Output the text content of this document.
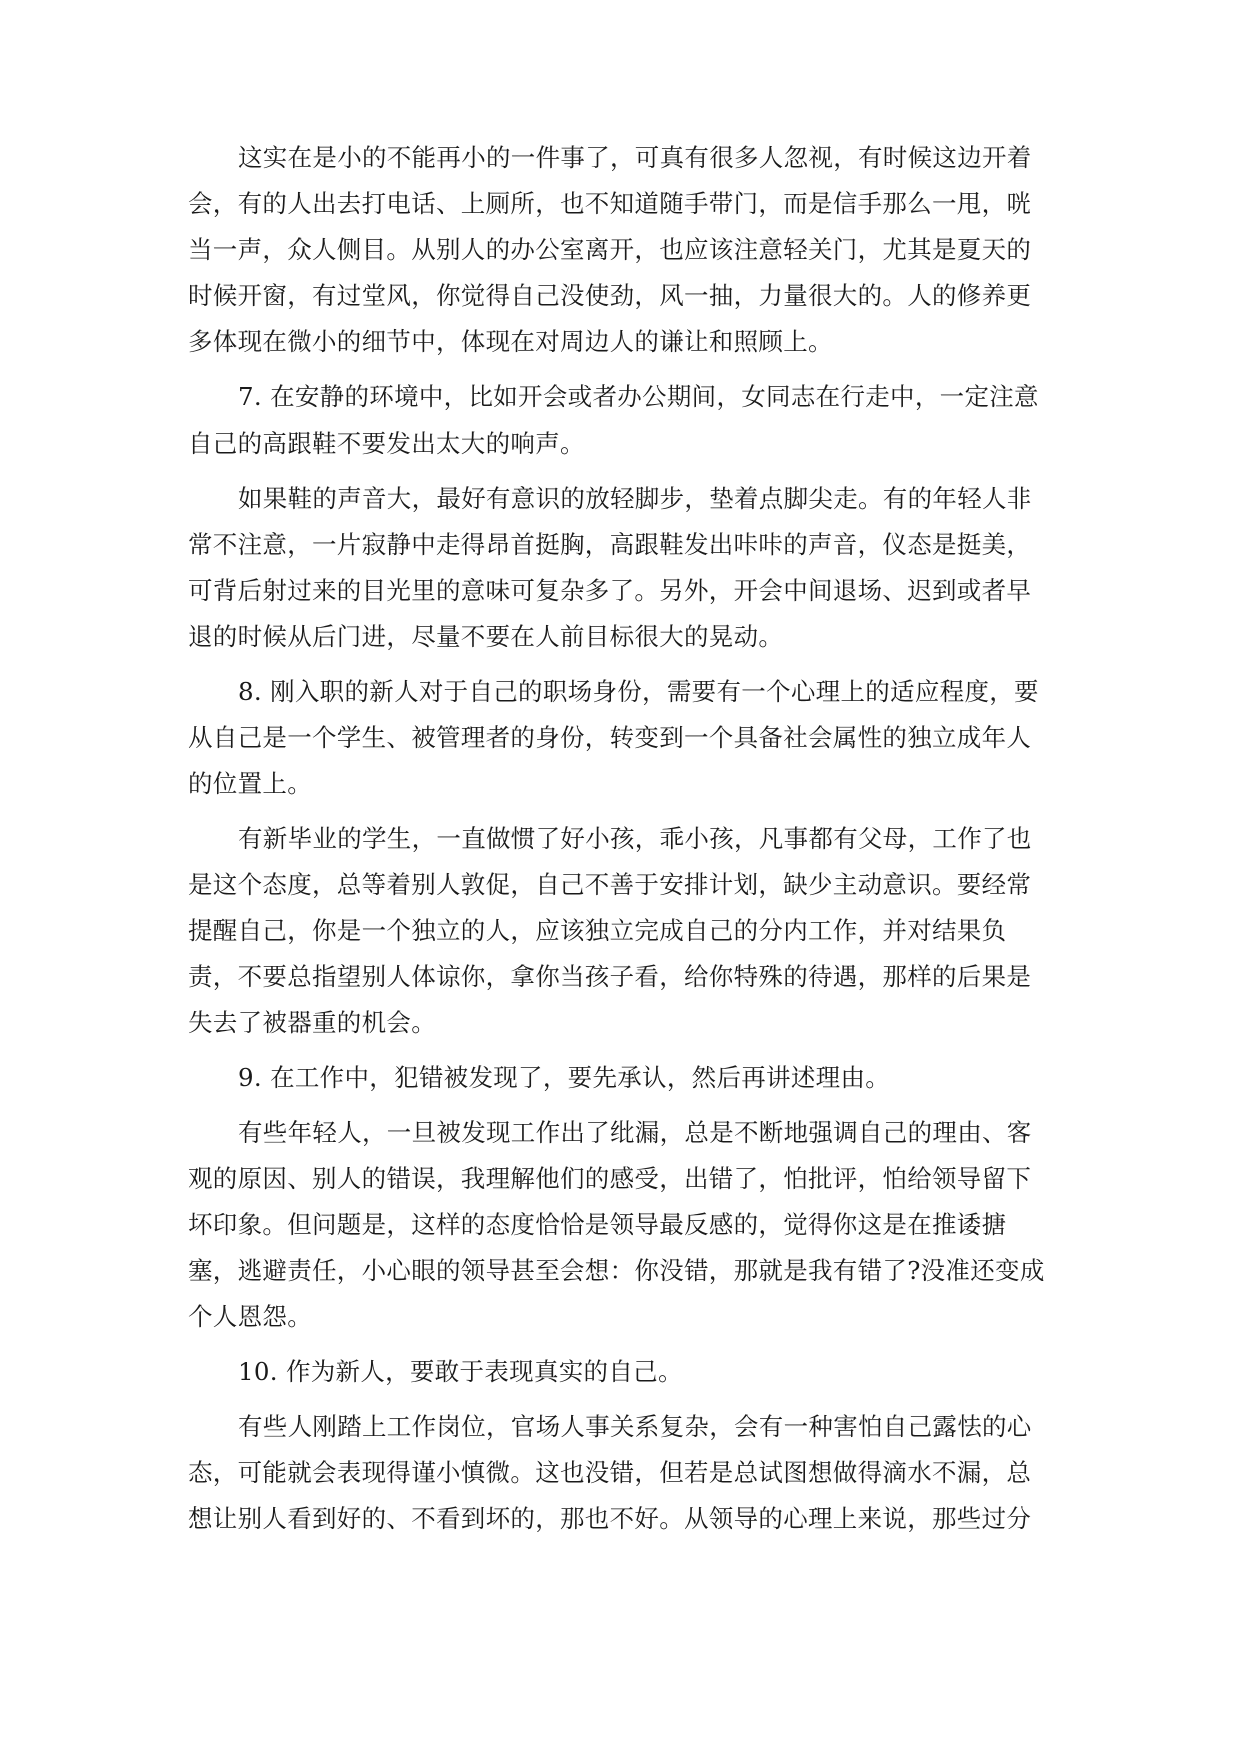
这实在是小的不能再小的一件事了，可真有很多人忽视，有时候这边开着
会，有的人出去打电话、上厕所，也不知道随手带门，而是信手那么一甩，咣
当一声，众人侧目。从别人的办公室离开，也应该注意轻关门，尤其是夏天的
时候开窗，有过堂风，你觉得自己没使劲，风一抽，力量很大的。人的修养更
多体现在微小的细节中，体现在对周边人的谦让和照顾上。
7. 在安静的环境中，比如开会或者办公期间，女同志在行走中，一定注意
自己的高跟鞋不要发出太大的响声。
如果鞋的声音大，最好有意识的放轻脚步，垫着点脚尖走。有的年轻人非
常不注意，一片寂静中走得昂首挺胸，高跟鞋发出咔咔的声音，仪态是挺美，
可背后射过来的目光里的意味可复杂多了。另外，开会中间退场、迟到或者早
退的时候从后门进，尽量不要在人前目标很大的晃动。
8. 刚入职的新人对于自己的职场身份，需要有一个心理上的适应程度，要
从自己是一个学生、被管理者的身份，转变到一个具备社会属性的独立成年人
的位置上。
有新毕业的学生，一直做惯了好小孩，乖小孩，凡事都有父母，工作了也
是这个态度，总等着别人敦促，自己不善于安排计划，缺少主动意识。要经常
提醒自己，你是一个独立的人，应该独立完成自己的分内工作，并对结果负
责，不要总指望别人体谅你，拿你当孩子看，给你特殊的待遇，那样的后果是
失去了被器重的机会。
9. 在工作中，犯错被发现了，要先承认，然后再讲述理由。
有些年轻人，一旦被发现工作出了纰漏，总是不断地强调自己的理由、客
观的原因、别人的错误，我理解他们的感受，出错了，怕批评，怕给领导留下
坏印象。但问题是，这样的态度恰恰是领导最反感的，觉得你这是在推诿搪
塞，逃避责任，小心眼的领导甚至会想：你没错，那就是我有错了?没准还变成
个人恩怨。
10. 作为新人，要敢于表现真实的自己。
有些人刚踏上工作岗位，官场人事关系复杂，会有一种害怕自己露怯的心
态，可能就会表现得谨小慎微。这也没错，但若是总试图想做得滴水不漏，总
想让别人看到好的、不看到坏的，那也不好。从领导的心理上来说，那些过分
